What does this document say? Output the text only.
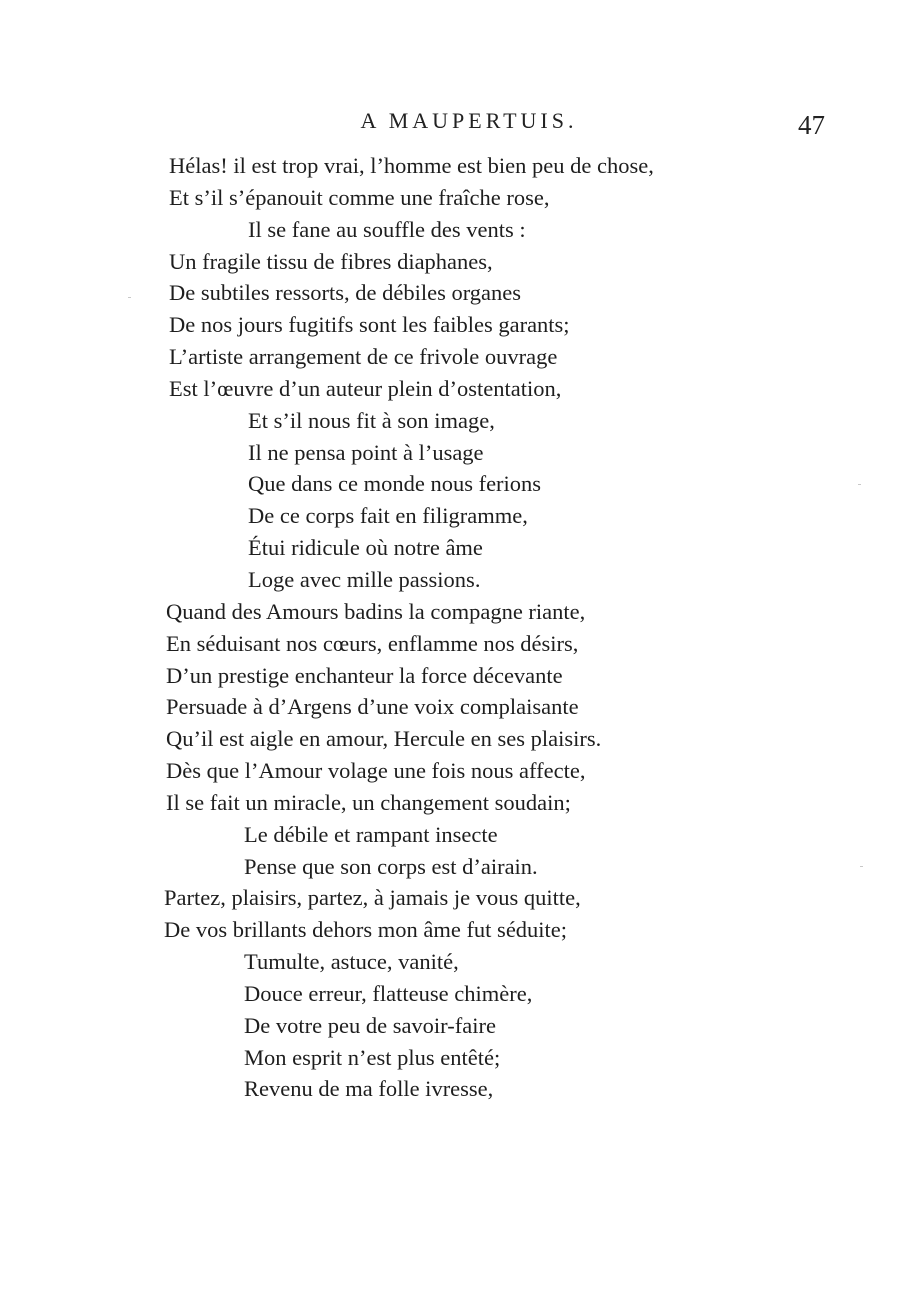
A MAUPERTUIS.	47
Hélas! il est trop vrai, l’homme est bien peu de chose,
Et s’il s’épanouit comme une fraîche rose,
Il se fane au souffle des vents :
Un fragile tissu de fibres diaphanes,
De subtiles ressorts, de débiles organes
De nos jours fugitifs sont les faibles garants;
L’artiste arrangement de ce frivole ouvrage
Est l’œuvre d’un auteur plein d’ostentation,
Et s’il nous fit à son image,
Il ne pensa point à l’usage
Que dans ce monde nous ferions
De ce corps fait en filigramme,
Étui ridicule où notre âme
Loge avec mille passions.
Quand des Amours badins la compagne riante,
En séduisant nos cœurs, enflamme nos désirs,
D’un prestige enchanteur la force décevante
Persuade à d’Argens d’une voix complaisante
Qu’il est aigle en amour, Hercule en ses plaisirs.
Dès que l’Amour volage une fois nous affecte,
Il se fait un miracle, un changement soudain;
Le débile et rampant insecte
Pense que son corps est d’airain.
Partez, plaisirs, partez, à jamais je vous quitte,
De vos brillants dehors mon âme fut séduite;
Tumulte, astuce, vanité,
Douce erreur, flatteuse chimère,
De votre peu de savoir-faire
Mon esprit n’est plus entêté;
Revenu de ma folle ivresse,
